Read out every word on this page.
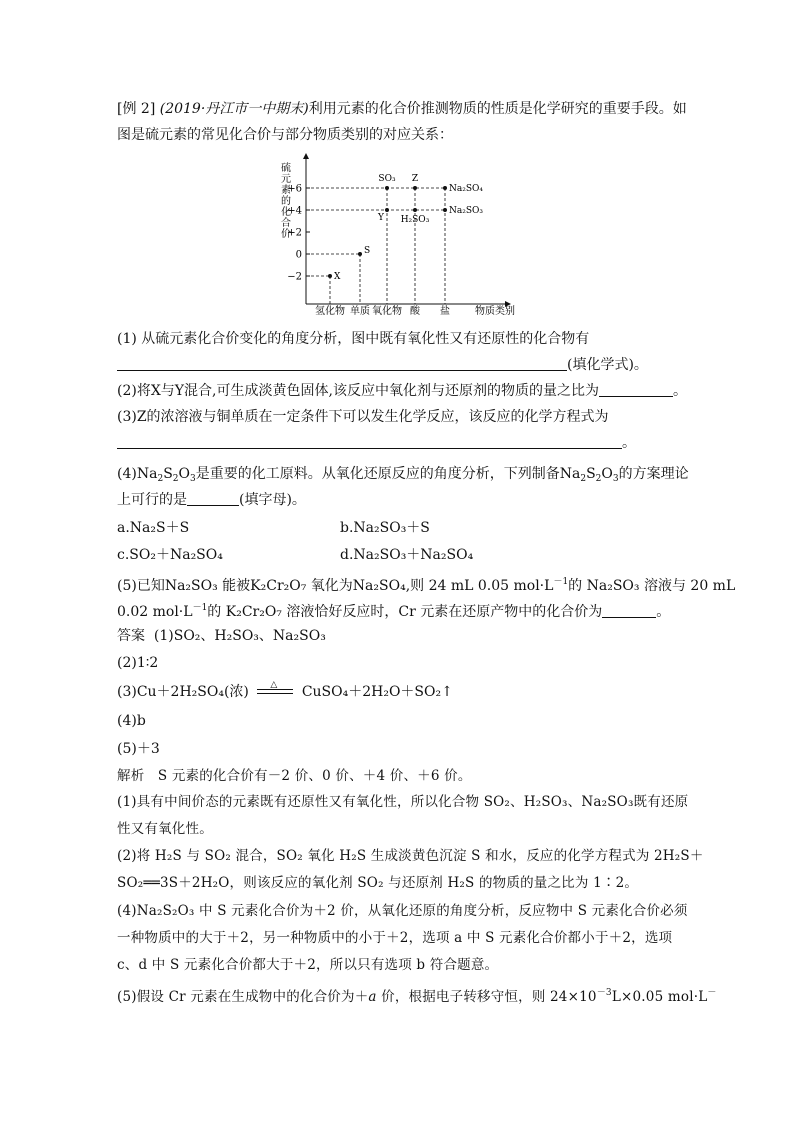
[例 2] (2019·丹江市一中期末)利用元素的化合价推测物质的性质是化学研究的重要手段。如
图是硫元素的常见化合价与部分物质类别的对应关系：
硫元素的化合价
+6
+4
+2
0
−2
氢化物 单质 氧化物 酸 盐
X
S
SO₃
Y
Z
H₂SO₃
Na₂SO₄
Na₂SO₃
物质类别
(1) 从硫元素化合价变化的角度分析，图中既有氧化性又有还原性的化合物有
(填化学式)。
(2)将X与Y混合,可生成淡黄色固体,该反应中氧化剂与还原剂的物质的量之比为	。
(3)Z的浓溶液与铜单质在一定条件下可以发生化学反应，该反应的化学方程式为
。
$(4)Na_2S_2O_3$是重要的化工原料。从氧化还原反应的角度分析，下列制备$Na_2S_2O_3$的方案理论
上可行的是	(填字母)。
a.Na₂S＋S	b.Na₂SO₃＋S
c.SO₂＋Na₂SO₄	d.Na₂SO₃＋Na₂SO₄
(5)已知Na₂SO₃ 能被K₂Cr₂O₇ 氧化为Na₂SO₄,则 24 mL 0.05 $mol\cdot L^{-1}$的 Na₂SO₃ 溶液与 20 mL
0.02 $mol\cdot L^{-1}$的 K₂Cr₂O₇ 溶液恰好反应时，Cr 元素在还原产物中的化合价为	。
答案 (1)SO₂、H₂SO₃、Na₂SO₃
(2)1∶2
(3)Cu＋2H₂SO₄(浓) △ CuSO₄＋2H₂O＋SO₂↑
(4)b
(5)＋3
解析 S 元素的化合价有－2 价、0 价、＋4 价、＋6 价。
(1)具有中间价态的元素既有还原性又有氧化性，所以化合物 SO₂、H₂SO₃、Na₂SO₃既有还原
性又有氧化性。
(2)将 H₂S 与 SO₂ 混合，SO₂ 氧化 H₂S 生成淡黄色沉淀 S 和水，反应的化学方程式为 2H₂S＋
SO₂══3S＋2H₂O，则该反应的氧化剂 SO₂ 与还原剂 H₂S 的物质的量之比为 1∶2。
(4)Na₂S₂O₃ 中 S 元素化合价为＋2 价，从氧化还原的角度分析，反应物中 S 元素化合价必须
一种物质中的大于＋2，另一种物质中的小于＋2，选项 a 中 S 元素化合价都小于＋2，选项
c、d 中 S 元素化合价都大于＋2，所以只有选项 b 符合题意。
(5)假设 Cr 元素在生成物中的化合价为＋a 价，根据电子转移守恒，则 $24\times 10^{-3}L\times 0.05$ mol·L－
